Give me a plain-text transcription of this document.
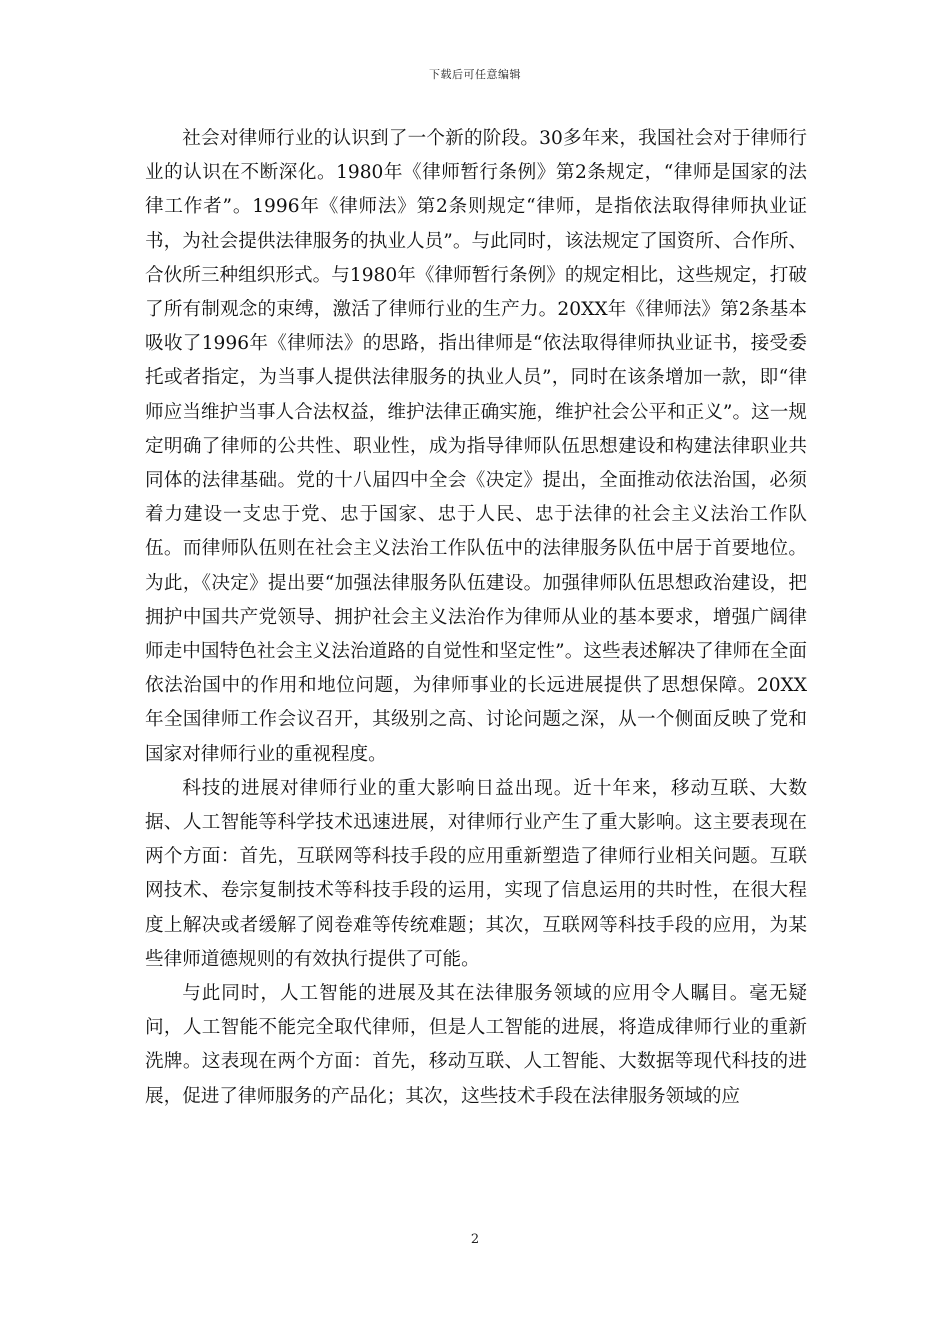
下载后可任意编辑

社会对律师行业的认识到了一个新的阶段。30多年来，我国社会对于律师行业的认识在不断深化。1980年《律师暂行条例》第2条规定，“律师是国家的法律工作者”。1996年《律师法》第2条则规定“律师，是指依法取得律师执业证书，为社会提供法律服务的执业人员”。与此同时，该法规定了国资所、合作所、合伙所三种组织形式。与1980年《律师暂行条例》的规定相比，这些规定，打破了所有制观念的束缚，激活了律师行业的生产力。20XX年《律师法》第2条基本吸收了1996年《律师法》的思路，指出律师是“依法取得律师执业证书，接受委托或者指定，为当事人提供法律服务的执业人员”，同时在该条增加一款，即“律师应当维护当事人合法权益，维护法律正确实施，维护社会公平和正义”。这一规定明确了律师的公共性、职业性，成为指导律师队伍思想建设和构建法律职业共同体的法律基础。党的十八届四中全会《决定》提出，全面推动依法治国，必须着力建设一支忠于党、忠于国家、忠于人民、忠于法律的社会主义法治工作队伍。而律师队伍则在社会主义法治工作队伍中的法律服务队伍中居于首要地位。为此，《决定》提出要“加强法律服务队伍建设。加强律师队伍思想政治建设，把拥护中国共产党领导、拥护社会主义法治作为律师从业的基本要求，增强广阔律师走中国特色社会主义法治道路的自觉性和坚定性”。这些表述解决了律师在全面依法治国中的作用和地位问题，为律师事业的长远进展提供了思想保障。20XX年全国律师工作会议召开，其级别之高、讨论问题之深，从一个侧面反映了党和国家对律师行业的重视程度。

科技的进展对律师行业的重大影响日益出现。近十年来，移动互联、大数据、人工智能等科学技术迅速进展，对律师行业产生了重大影响。这主要表现在两个方面：首先，互联网等科技手段的应用重新塑造了律师行业相关问题。互联网技术、卷宗复制技术等科技手段的运用，实现了信息运用的共时性，在很大程度上解决或者缓解了阅卷难等传统难题；其次，互联网等科技手段的应用，为某些律师道德规则的有效执行提供了可能。

与此同时，人工智能的进展及其在法律服务领域的应用令人瞩目。毫无疑问，人工智能不能完全取代律师，但是人工智能的进展，将造成律师行业的重新洗牌。这表现在两个方面：首先，移动互联、人工智能、大数据等现代科技的进展，促进了律师服务的产品化；其次，这些技术手段在法律服务领域的应

2
